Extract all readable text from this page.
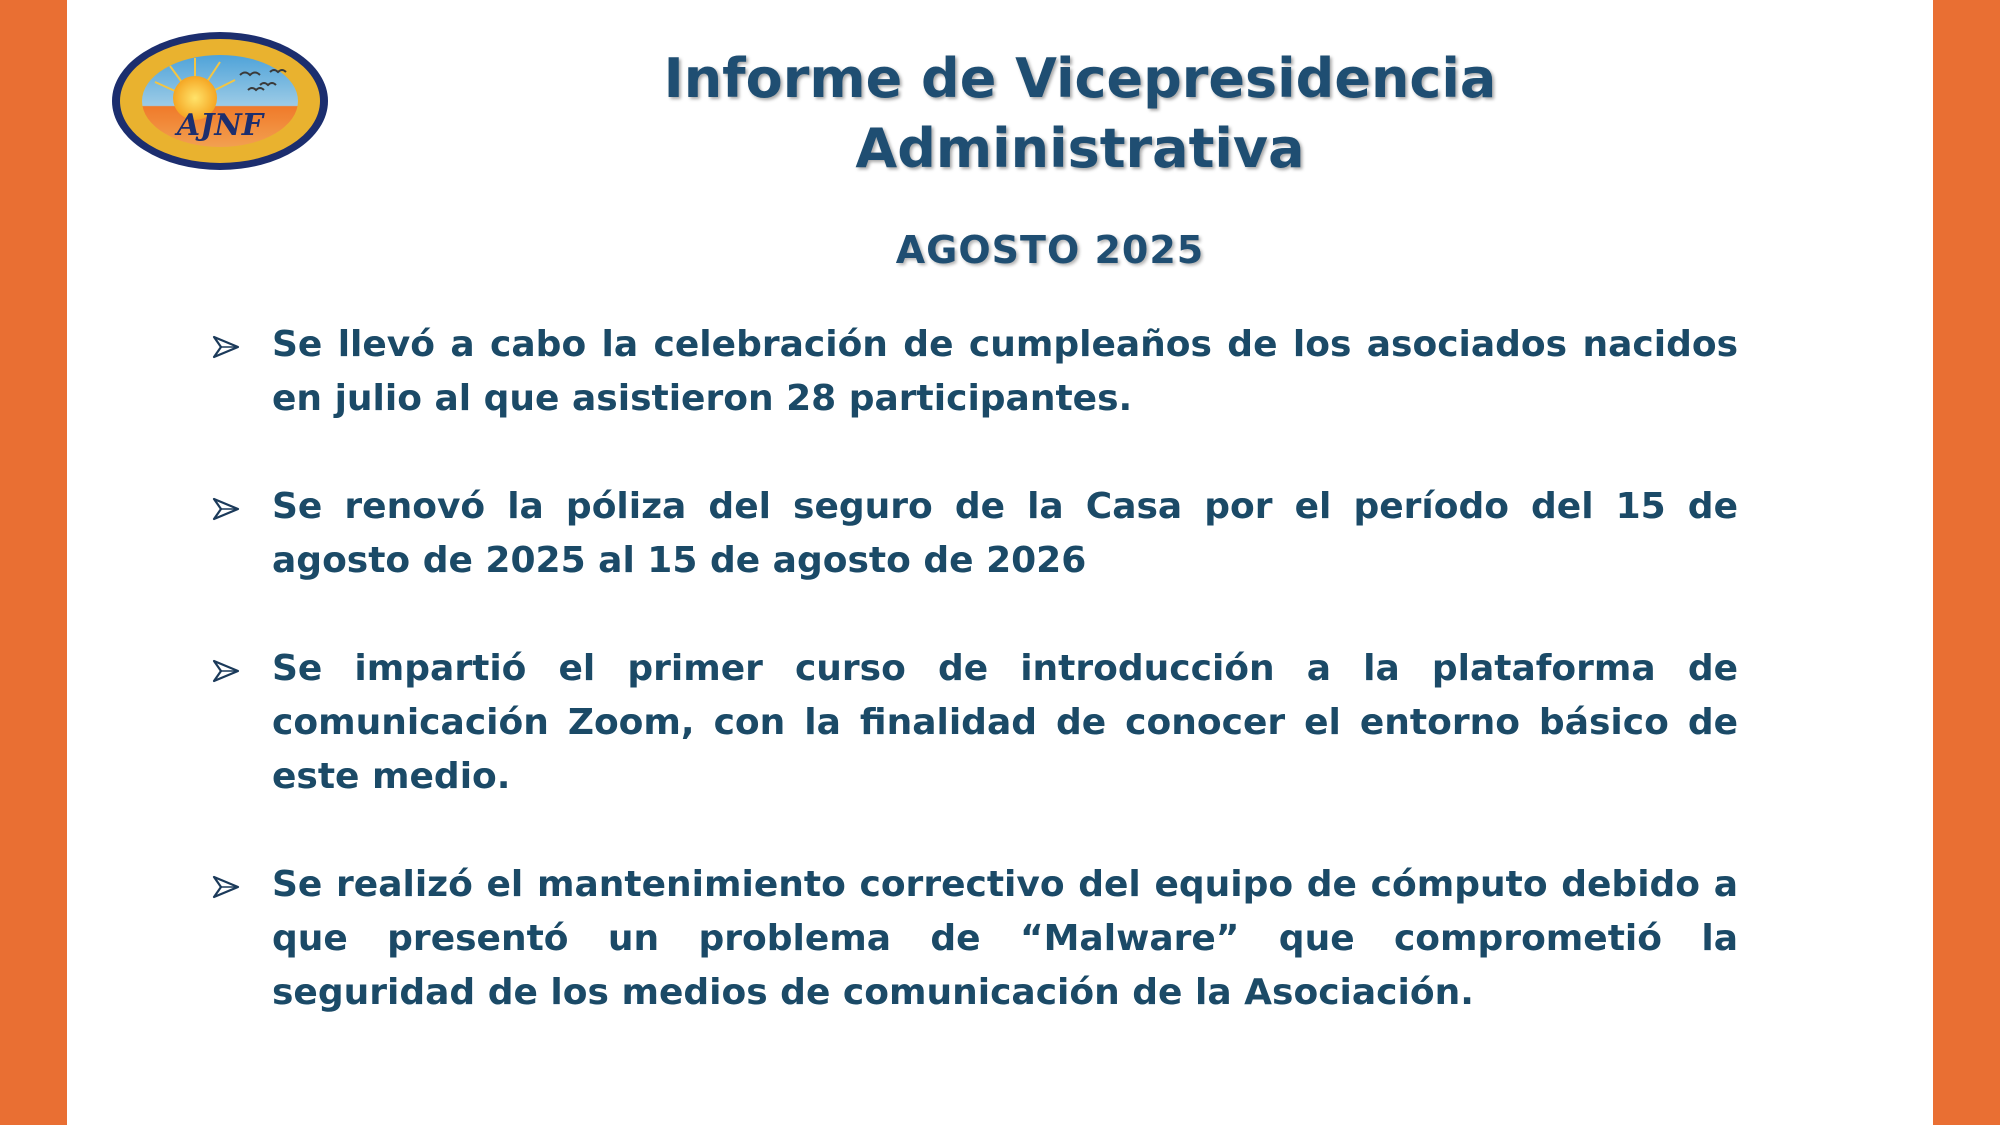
AJNF
Informe de Vicepresidencia
Administrativa
AGOSTO 2025
Se llevó a cabo la celebración de cumpleaños de los asociados nacidos en julio al que asistieron 28 participantes.
Se renovó la póliza del seguro de la Casa por el período del 15 de agosto de 2025 al 15 de agosto de 2026
Se impartió el primer curso de introducción a la plataforma de comunicación Zoom, con la finalidad de conocer el entorno básico de este medio.
Se realizó el mantenimiento correctivo del equipo de cómputo debido a que presentó un problema de “Malware” que comprometió la seguridad de los medios de comunicación de la Asociación.
